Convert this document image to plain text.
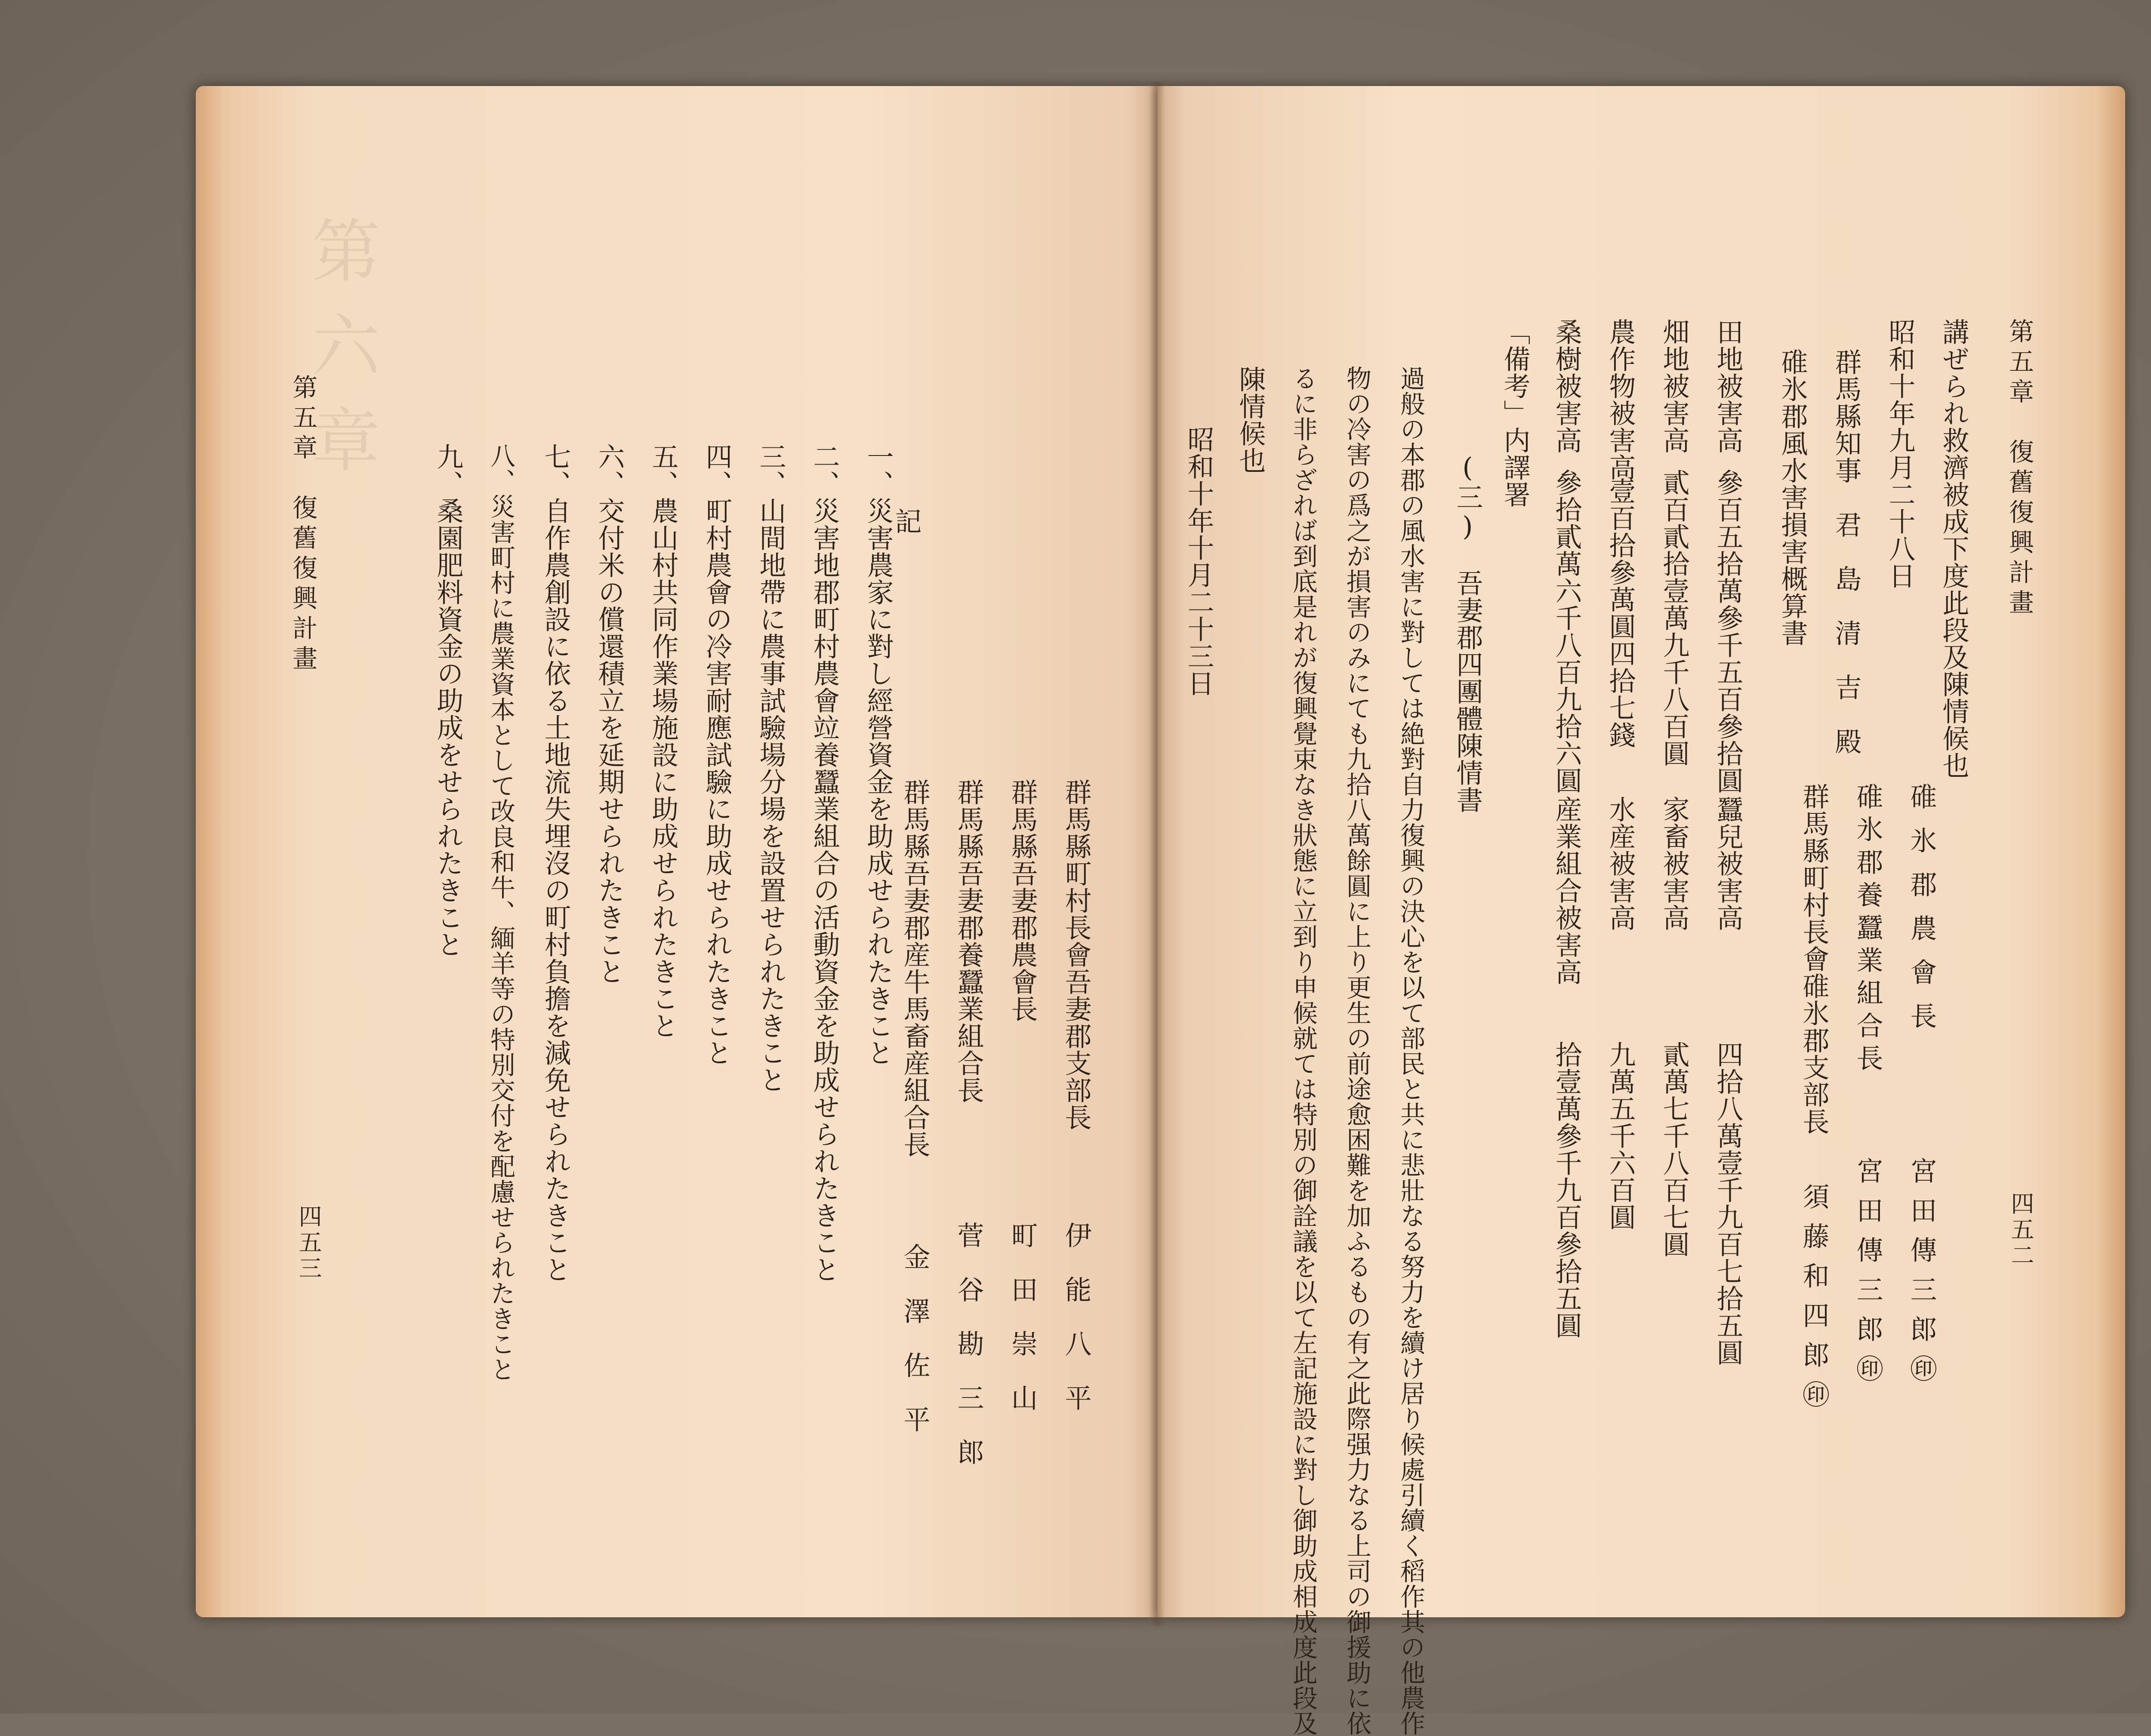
第六章
第五章　復舊復興計畫	一、災害農家に對し經營資金を助成せられたきこと
二、災害地郡町村農會竝養蠶業組合の活動資金を助成せられたきこと
三、山間地帶に農事試驗場分場を設置せられたきこと
四、町村農會の冷害耐應試驗に助成せられたきこと
五、農山村共同作業場施設に助成せられたきこと
六、交付米の償還積立を延期せられたきこと
七、自作農創設に依る土地流失埋沒の町村負擔を減免せられたきこと
八、災害町村に農業資本として改良和牛、緬羊等の特別交付を配慮せられたきこと
九、桑園肥料資金の助成をせられたきこと	記
群馬縣町村長會吾妻郡支部長
伊　能　八　平
群馬縣吾妻郡農會長
町　田　崇　山
群馬縣吾妻郡養蠶業組合長
菅　谷　勘　三　郎
群馬縣吾妻郡産牛馬畜産組合長
金　澤　佐　平
四五三
第五章　復舊復興計畫
四五二
講ぜられ救濟被成下度此段及陳情候也
昭和十年九月二十八日
碓氷郡農會長
宮田傳三郎㊞
碓氷郡養蠶業組合長
宮田傳三郎㊞
群馬縣町村長會碓氷郡支部長
須藤和四郎㊞
群馬縣知事　君　島　清　吉　殿
碓氷郡風水害損害概算書
田地被害高
參百五拾萬參千五百參拾圓
畑地被害高
貳百貳拾壹萬九千八百圓
農作物被害高
壹百拾參萬圓四拾七錢
桑樹被害高
參拾貳萬六千八百九拾六圓
蠶兒被害高
四拾八萬壹千九百七拾五圓
家畜被害高
貳萬七千八百七圓
水産被害高
九萬五千六百圓
産業組合被害高
拾壹萬參千九百參拾五圓
「備考」内譯署
(三)　吾妻郡四團體陳情書
過般の本郡の風水害に對しては絶對自力復興の決心を以て部民と共に悲壯なる努力を續け居り候處引續く稻作其の他農作
物の冷害の爲之が損害のみにても九拾八萬餘圓に上り更生の前途愈困難を加ふるもの有之此際强力なる上司の御援助に依
るに非らざれば到底是れが復興覺束なき狀態に立到り申候就ては特別の御詮議を以て左記施設に對し御助成相成度此段及
陳情候也
昭和十年十月二十三日
